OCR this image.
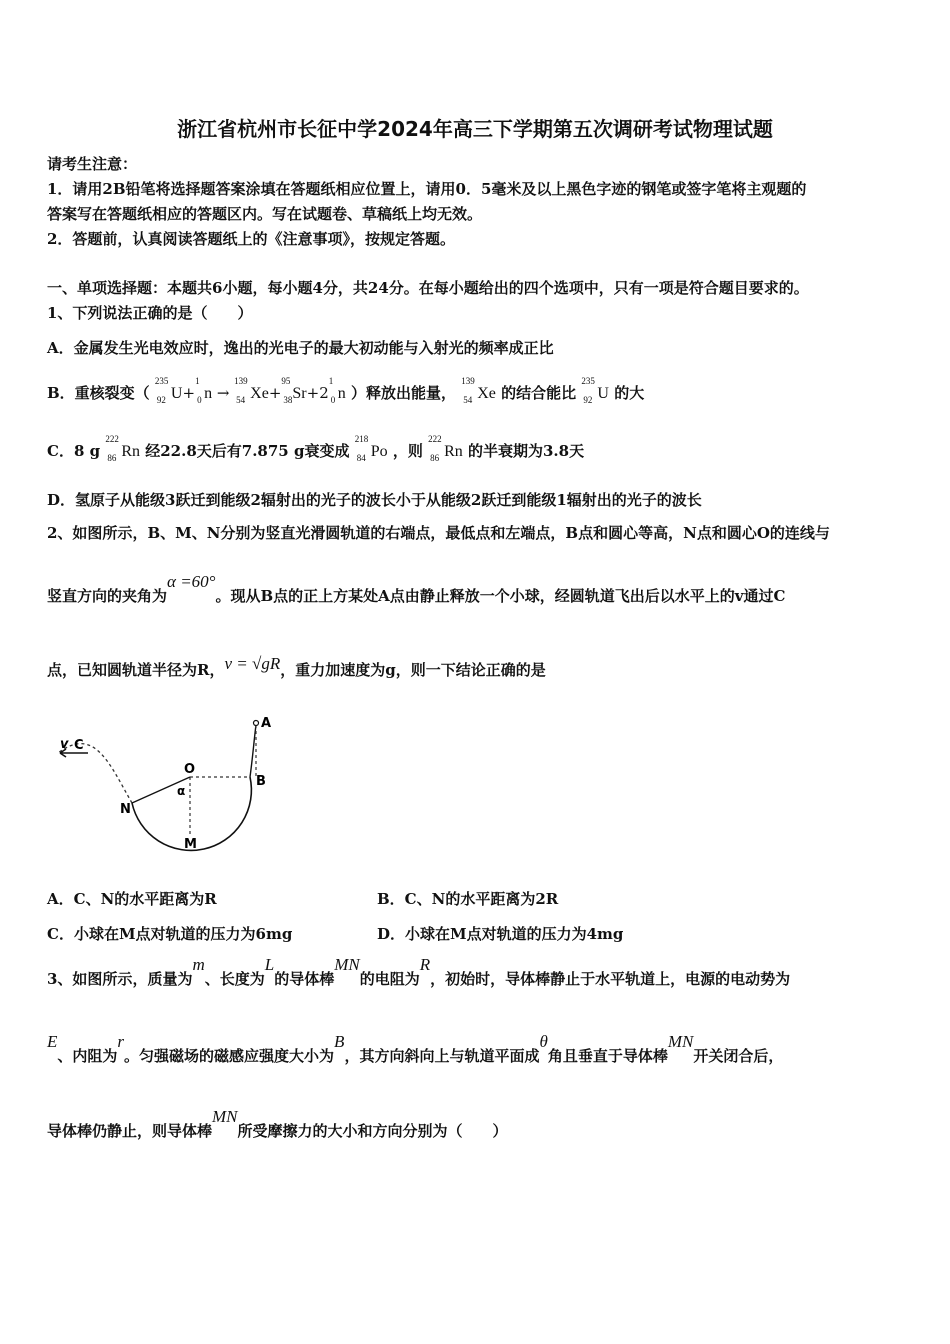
浙江省杭州市长征中学2024年高三下学期第五次调研考试物理试题
请考生注意：
1．请用2B铅笔将选择题答案涂填在答题纸相应位置上，请用0．5毫米及以上黑色字迹的钢笔或签字笔将主观题的
答案写在答题纸相应的答题区内。写在试题卷、草稿纸上均无效。
2．答题前，认真阅读答题纸上的《注意事项》，按规定答题。
一、单项选择题：本题共6小题，每小题4分，共24分。在每小题给出的四个选项中，只有一项是符合题目要求的。
1、下列说法正确的是（　　）
A．金属发生光电效应时，逸出的光电子的最大初动能与入射光的频率成正比
B．重核裂变（
235
92 U+
1
0 n →
139
54 Xe+
95
38 Sr+2
1
0 n ）释放出能量，
139
54 Xe 的结合能比
235
92 U 的大
C．8 g
222
86 Rn 经22.8天后有7.875 g衰变成
218
84 Po ，则
222
86 Rn 的半衰期为3.8天
D．氢原子从能级3跃迁到能级2辐射出的光子的波长小于从能级2跃迁到能级1辐射出的光子的波长
2、如图所示，B、M、N分别为竖直光滑圆轨道的右端点，最低点和左端点，B点和圆心等高，N点和圆心O的连线与
竖直方向的夹角为α =60°。现从B点的正上方某处A点由静止释放一个小球，经圆轨道飞出后以水平上的v通过C
点，已知圆轨道半径为R，v = √gR，重力加速度为g，则一下结论正确的是
v C
O
A
B
N
M
α
A．C、N的水平距离为R	B．C、N的水平距离为2R
C．小球在M点对轨道的压力为6mg	D．小球在M点对轨道的压力为4mg
3、如图所示，质量为m、长度为L的导体棒MN的电阻为R，初始时，导体棒静止于水平轨道上，电源的电动势为
E、内阻为r。匀强磁场的磁感应强度大小为B，其方向斜向上与轨道平面成θ角且垂直于导体棒MN开关闭合后，
导体棒仍静止，则导体棒MN所受摩擦力的大小和方向分别为（　　）
